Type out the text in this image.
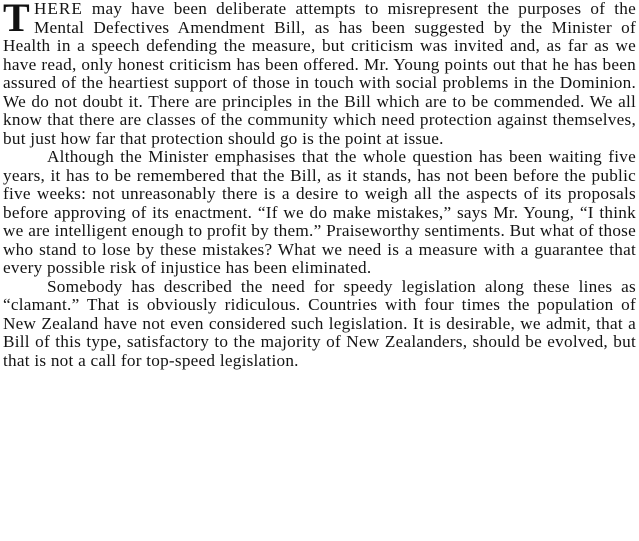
THERE may have been deliberate attempts to misrepresent the purposes of the Mental Defectives Amendment Bill, as has been suggested by the Minister of Health in a speech defending the measure, but criticism was invited and, as far as we have read, only honest criticism has been offered. Mr. Young points out that he has been assured of the heartiest support of those in touch with social problems in the Dominion. We do not doubt it. There are principles in the Bill which are to be commended. We all know that there are classes of the community which need protection against themselves, but just how far that protection should go is the point at issue.

Although the Minister emphasises that the whole question has been waiting five years, it has to be remembered that the Bill, as it stands, has not been before the public five weeks: not unreasonably there is a desire to weigh all the aspects of its proposals before approving of its enactment. “If we do make mistakes,” says Mr. Young, “I think we are intelligent enough to profit by them.” Praiseworthy sentiments. But what of those who stand to lose by these mistakes? What we need is a measure with a guarantee that every possible risk of injustice has been eliminated.

Somebody has described the need for speedy legislation along these lines as “clamant.” That is obviously ridiculous. Countries with four times the population of New Zealand have not even considered such legislation. It is desirable, we admit, that a Bill of this type, satisfactory to the majority of New Zealanders, should be evolved, but that is not a call for top-speed legislation.
